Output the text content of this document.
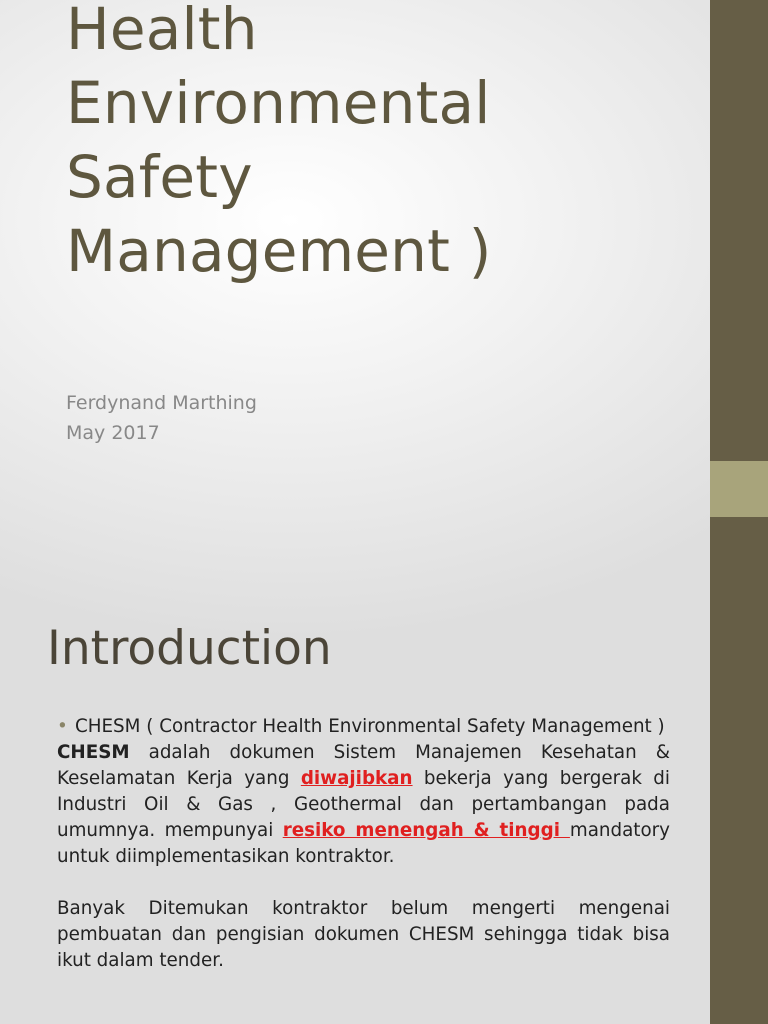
Health
Environmental
Safety
Management )
Ferdynand Marthing
May 2017
Introduction
• CHESM ( Contractor Health Environmental Safety Management )
CHESM adalah dokumen Sistem Manajemen Kesehatan & Keselamatan Kerja yang diwajibkan bekerja yang bergerak di Industri Oil & Gas , Geothermal dan pertambangan pada umumnya. mempunyai resiko menengah & tinggi mandatory untuk diimplementasikan kontraktor.
Banyak Ditemukan kontraktor belum mengerti mengenai pembuatan dan pengisian dokumen CHESM sehingga tidak bisa ikut dalam tender.
